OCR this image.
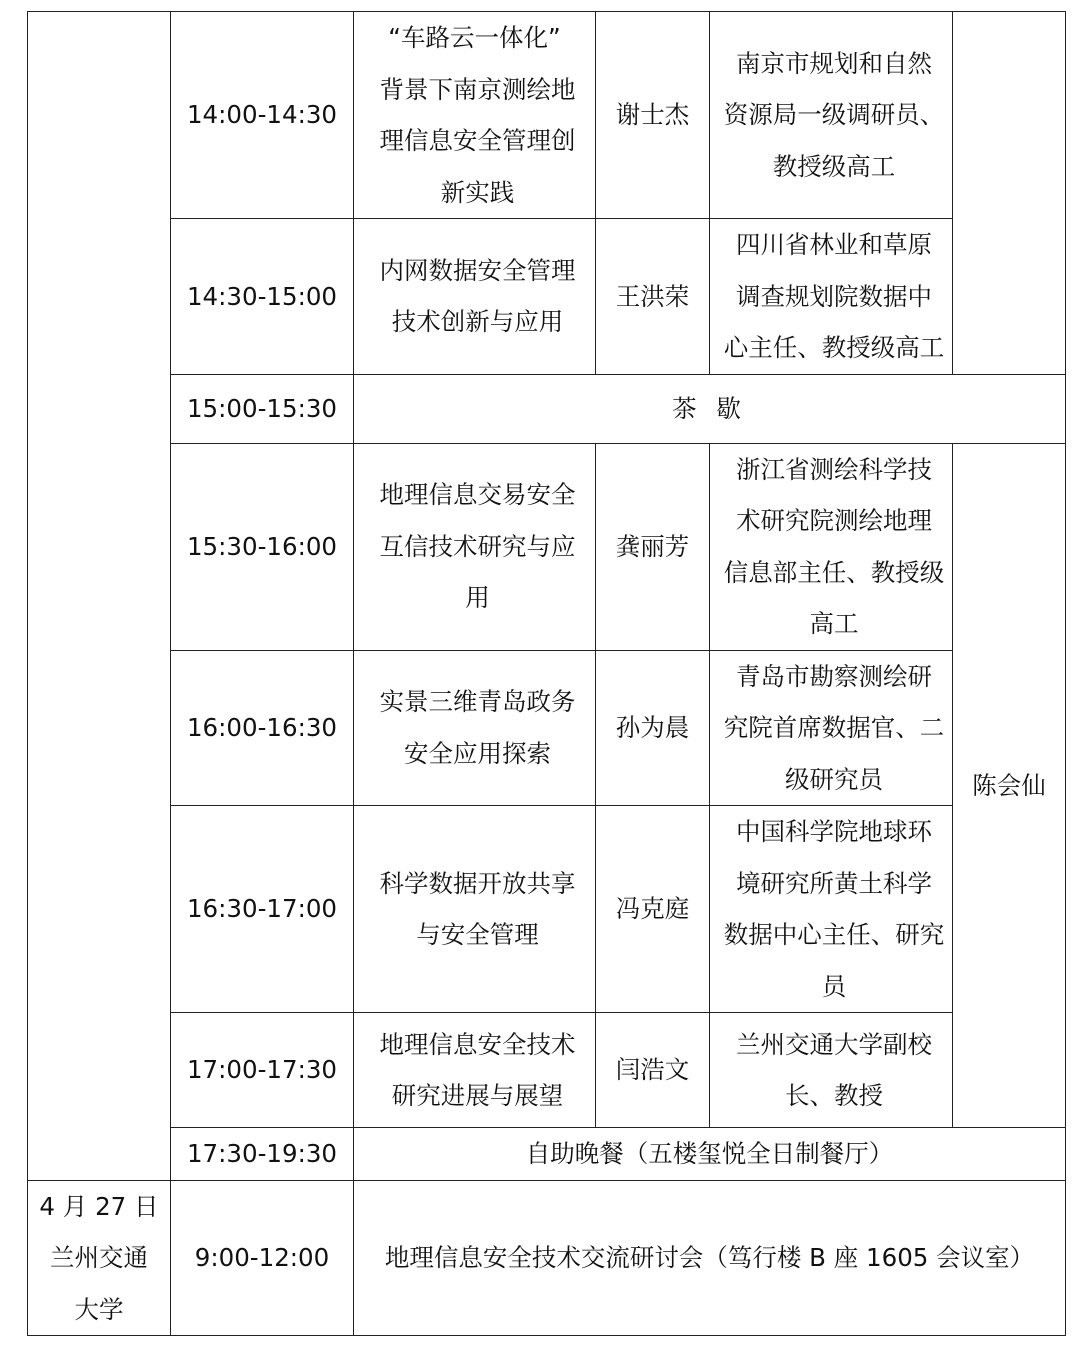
	14:00-14:30	“车路云一体化”
背景下南京测绘地
理信息安全管理创
新实践	谢士杰	南京市规划和自然
资源局一级调研员、
教授级高工	

	14:30-15:00	内网数据安全管理
技术创新与应用	王洪荣	四川省林业和草原
调查规划院数据中
心主任、教授级高工	

	15:00-15:30	茶 歇			
	15:30-16:00	地理信息交易安全
互信技术研究与应
用	龚丽芳	浙江省测绘科学技
术研究院测绘地理
信息部主任、教授级
高工	陈会仙
	16:00-16:30	实景三维青岛政务
安全应用探索	孙为晨	青岛市勘察测绘研
究院首席数据官、二
级研究员	

	16:30-17:00	科学数据开放共享
与安全管理	冯克庭	中国科学院地球环
境研究所黄土科学
数据中心主任、研究
员	

	17:00-17:30	地理信息安全技术
研究进展与展望	闫浩文	兰州交通大学副校
长、教授	

	17:30-19:30	自助晚餐（五楼玺悦全日制餐厅）			

4 月 27 日
兰州交通
大学	9:00-12:00	地理信息安全技术交流研讨会（笃行楼 B 座 1605 会议室）			
